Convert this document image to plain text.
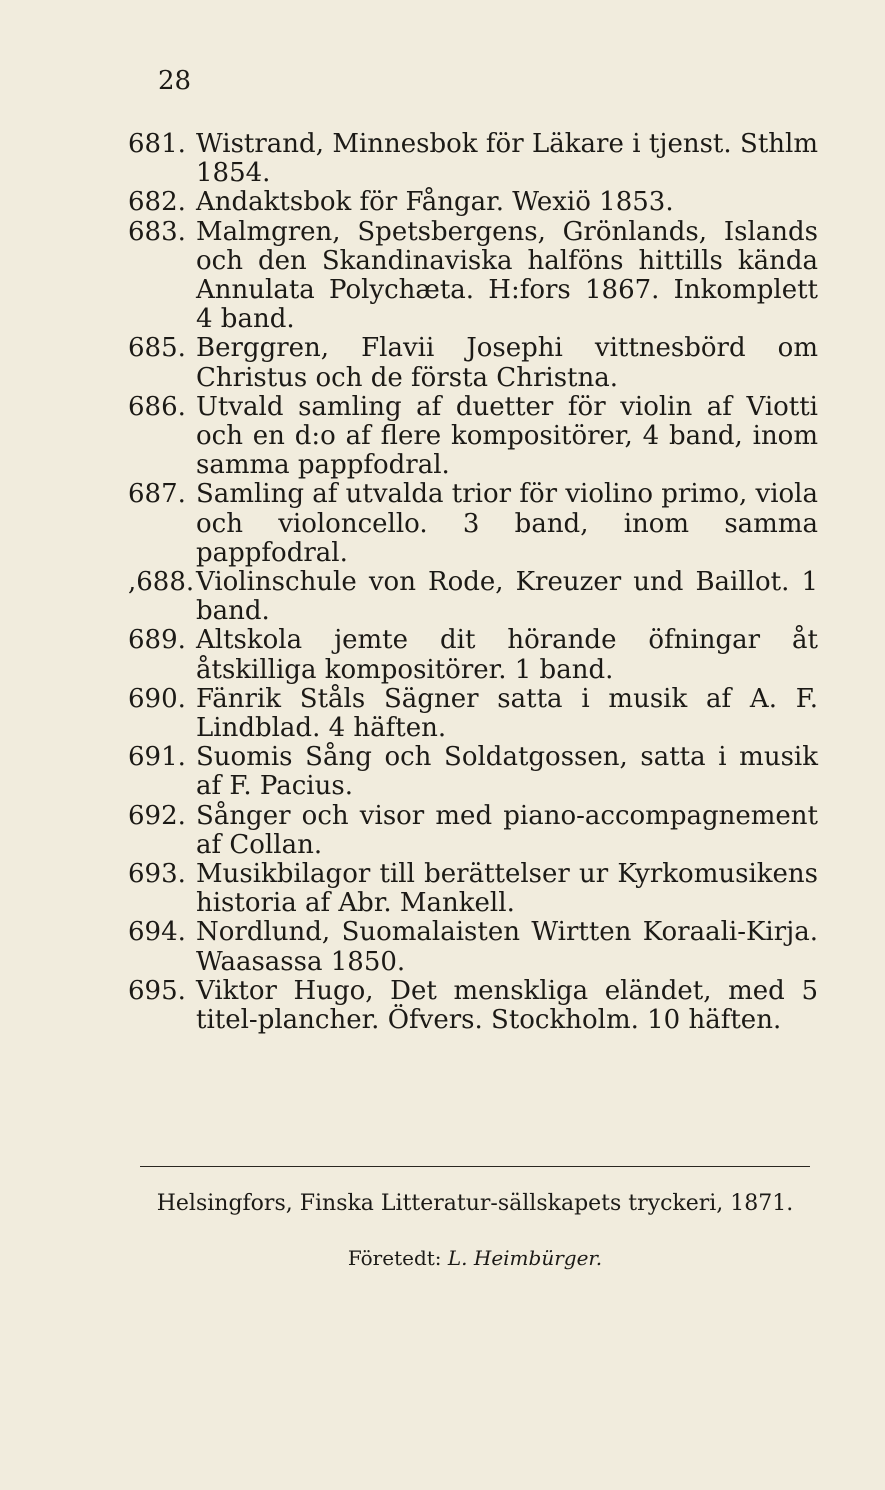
28
681. Wistrand, Minnesbok för Läkare i tjenst. Sthlm 1854.
682. Andaktsbok för Fångar. Wexiö 1853.
683. Malmgren, Spetsbergens, Grönlands, Islands och den Skandinaviska halföns hittills kända Annulata Polychæta. H:fors 1867. Inkomplett 4 band.
685. Berggren, Flavii Josephi vittnesbörd om Christus och de första Christna.
686. Utvald samling af duetter för violin af Viotti och en d:o af flere kompositörer, 4 band, inom samma pappfodral.
687. Samling af utvalda trior för violino primo, viola och violoncello. 3 band, inom samma pappfodral.
,688. Violinschule von Rode, Kreuzer und Baillot. 1 band.
689. Altskola jemte dit hörande öfningar åt åtskilliga kompositörer. 1 band.
690. Fänrik Ståls Sägner satta i musik af A. F. Lindblad. 4 häften.
691. Suomis Sång och Soldatgossen, satta i musik af F. Pacius.
692. Sånger och visor med piano-accompagnement af Collan.
693. Musikbilagor till berättelser ur Kyrkomusikens historia af Abr. Mankell.
694. Nordlund, Suomalaisten Wirtten Koraali-Kirja. Waasassa 1850.
695. Viktor Hugo, Det menskliga eländet, med 5 titel-plancher. Öfvers. Stockholm. 10 häften.
Helsingfors, Finska Litteratur-sällskapets tryckeri, 1871.
Företedt: L. Heimbürger.
